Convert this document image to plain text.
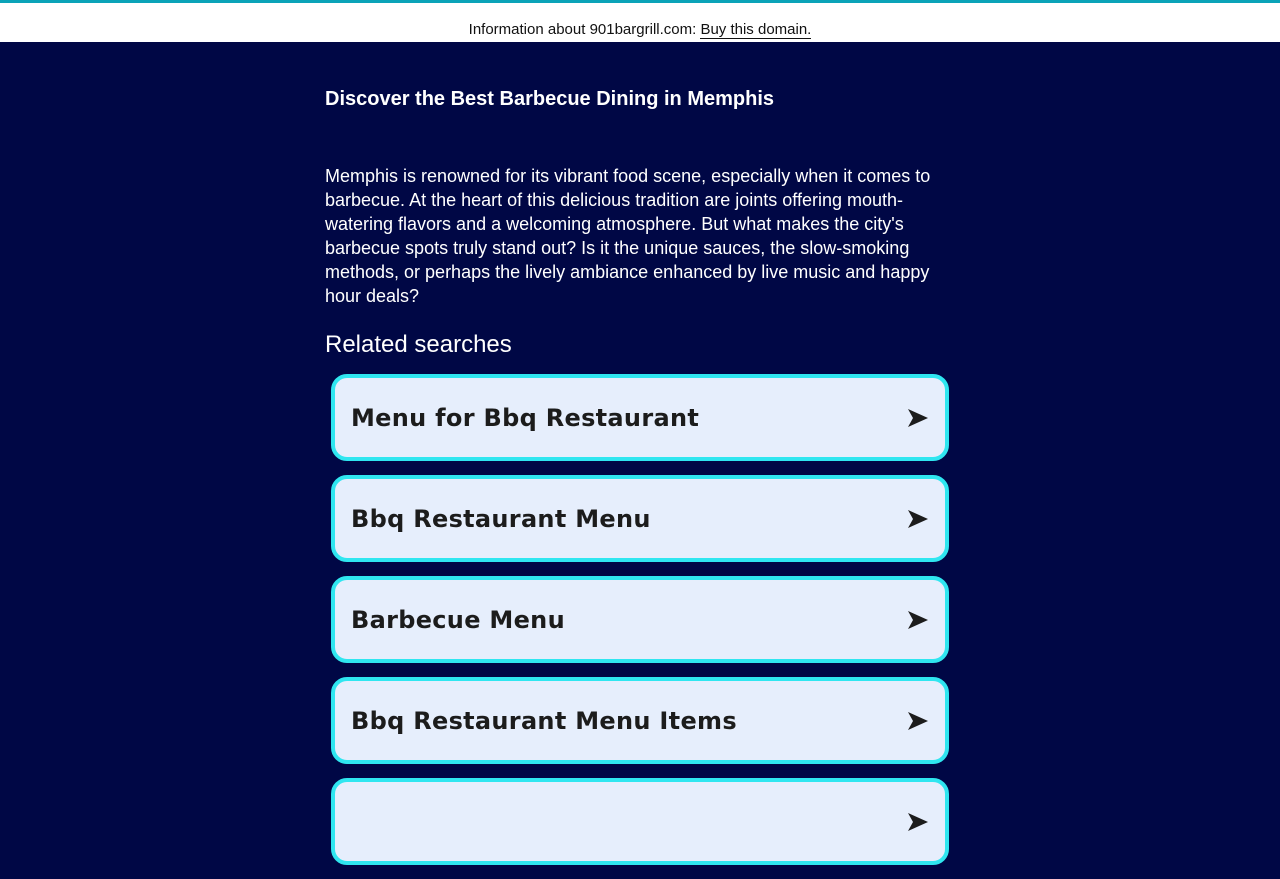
Information about 901bargrill.com: Buy this domain.
Discover the Best Barbecue Dining in Memphis

Memphis is renowned for its vibrant food scene, especially when it comes to barbecue. At the heart of this delicious tradition are joints offering mouth-watering flavors and a welcoming atmosphere. But what makes the city's barbecue spots truly stand out? Is it the unique sauces, the slow-smoking methods, or perhaps the lively ambiance enhanced by live music and happy hour deals?

Related searches
Menu for Bbq Restaurant
Bbq Restaurant Menu
Barbecue Menu
Bbq Restaurant Menu Items
